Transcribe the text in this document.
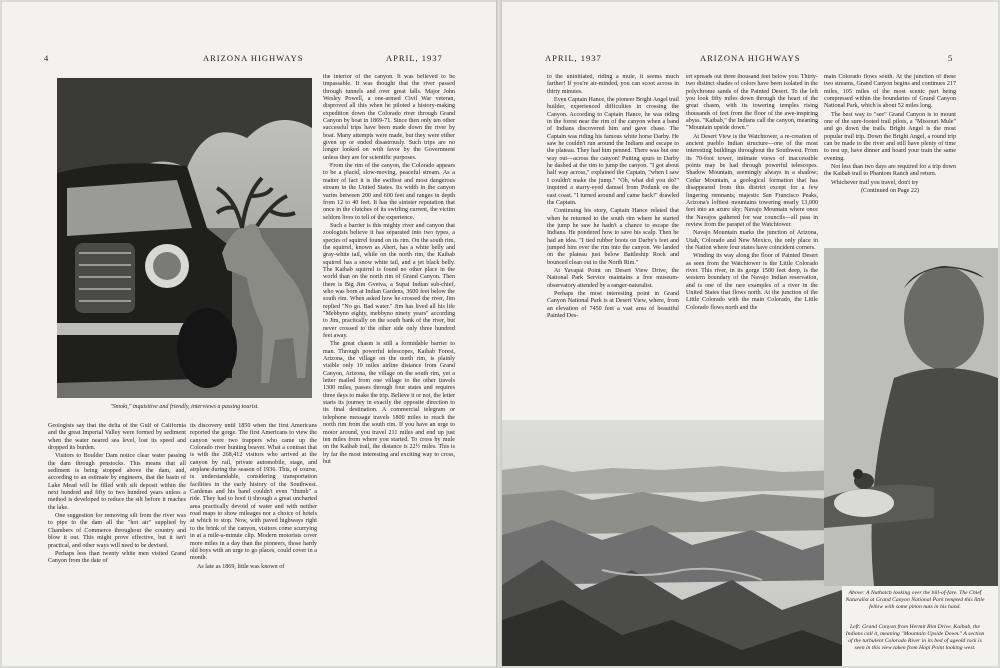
4	ARIZONA HIGHWAYS	APRIL, 1937
"Smoki," inquisitive and friendly, interviews a passing tourist.

Geologists say that the delta of the Gulf of California and the great Imperial Valley were formed by sediment when the water neared sea level, lost its speed and dropped its burden.

Visitors to Boulder Dam notice clear water passing the dam through penstocks. This means that all sediment is being stopped above the dam, and, according to an estimate by engineers, that the basin of Lake Mead will be filled with silt deposit within the next hundred and fifty to two hundred years unless a method is developed to reduce the silt before it reaches the lake.

One suggestion for removing silt from the river was to pipe to the dam all the "hot air" supplied by Chambers of Commerce throughout the country and blow it out. This might prove effective, but it isn't practical, and other ways will need to be devised.

Perhaps less than twenty white men visited Grand Canyon from the date of

its discovery until 1850 when the first Americans reported the gorge. The first Americans to view the canyon were two trappers who came up the Colorado river hunting beaver. What a contrast that is with the 268,412 visitors who arrived at the canyon by rail, private automobile, stage, and airplane during the season of 1936. This, of course, is understandable, considering transportation facilities in the early history of the Southwest. Cardenas and his band couldn't even "thumb" a ride. They had to hoof it through a great uncharted area practically devoid of water and with neither road maps to show mileages nor a choice of hotels at which to stop. Now, with paved highways right to the brink of the canyon, visitors come scurrying in at a mile-a-minute clip. Modern motorists cover more miles in a day than the pioneers, those hardy old boys with an urge to go places, could cover in a month.

As late as 1869, little was known of

the interior of the canyon. It was believed to be impassable. It was thought that the river passed through tunnels and over great falls. Major John Wesley Powell, a one-armed Civil War veteran, disproved all this when he piloted a history-making expedition down the Colorado river through Grand Canyon by boat in 1869-71. Since then only ten other successful trips have been made down the river by boat. Many attempts were made, but they were either given up or ended disastrously. Such trips are no longer looked on with favor by the Government unless they are for scientific purposes.

From the rim of the canyon, the Colorado appears to be a placid, slow-moving, peaceful stream. As a matter of fact it is the swiftest and most dangerous stream in the United States. Its width in the canyon varies between 200 and 600 feet and ranges in depth from 12 to 40 feet. It has the sinister reputation that once in the clutches of its swirling current, the victim seldom lives to tell of the experience.

Such a barrier is this mighty river and canyon that zoologists believe it has separated into two types, a species of squirrel found on its rim. On the south rim, the squirrel, known as Abert, has a white belly and gray-white tail, while on the north rim, the Kaibab squirrel has a snow white tail, and a jet black belly. The Kaibab squirrel is found no other place in the world than on the north rim of Grand Canyon. Then there is Big Jim Gvetva, a Supai Indian sub-chief, who was born at Indian Gardens, 3600 feet below the south rim. When asked how he crossed the river, Jim replied "No go. Bad water." Jim has lived all his life "Mebbyno eighty, mebbyno ninety years" according to Jim, practically on the south bank of the river, but never crossed to the other side only three hundred feet away.

The great chasm is still a formidable barrier to man. Through powerful telescopes, Kaibab Forest, Arizona, the village on the north rim, is plainly visible only 10 miles airline distance from Grand Canyon, Arizona, the village on the south rim, yet a letter mailed from one village to the other travels 1300 miles, passes through four states and requires three days to make the trip. Believe it or not, the letter starts its journey in exactly the opposite direction to its final destination. A commercial telegram or telephone message travels 1800 miles to reach the north rim from the south rim. If you have an urge to motor around, you travel 211 miles and end up just ten miles from where you started. To cross by mule on the Kaibab trail, the distance is 22½ miles. This is by far the most interesting and exciting way to cross, but

APRIL, 1937	ARIZONA HIGHWAYS	5

to the uninitiated, riding a mule, it seems much farther! If you're air-minded, you can scoot across in thirty minutes.

Even Captain Hance, the pioneer Bright Angel trail builder, experienced difficulties in crossing the Canyon. According to Captain Hance, he was riding in the forest near the rim of the canyon when a band of Indians discovered him and gave chase. The Captain was riding his famous white horse Darby. He saw he couldn't run around the Indians and escape to the plateau. They had him penned. There was but one way out—across the canyon! Putting spurs to Darby he dashed at the rim to jump the canyon. "I got about half way across," explained the Captain, "when I saw I couldn't make the jump." "Oh, what did you do?" inquired a starry-eyed damsel from Podunk on the east coast. "I turned around and came back!" drawled the Captain.

Continuing his story, Captain Hance related that when he returned to the south rim where he started the jump he saw he hadn't a chance to escape the Indians. He pondered how to save his scalp. Then he had an idea. "I tied rubber boots on Darby's feet and jumped him over the rim into the canyon. We landed on the plateau just below Battleship Rock and bounced clean out to the North Rim."

At Yavapai Point on Desert View Drive, the National Park Service maintains a free museum-observatory attended by a ranger-naturalist.

Perhaps the most interesting point in Grand Canyon National Park is at Desert View, where, from an elevation of 7450 feet a vast area of beautiful Painted Des-

ert spreads out three thousand feet below you. Thirty-two distinct shades of colors have been isolated in the polychrome sands of the Painted Desert. To the left you look fifty miles down through the heart of the great chasm, with its towering temples rising thousands of feet from the floor of the awe-inspiring abyss. "Kaibab," the Indians call the canyon, meaning "Mountain upside down."

At Desert View is the Watchtower, a re-creation of ancient pueblo Indian structure—one of the most interesting buildings throughout the Southwest. From its 70-foot tower, intimate views of inaccessible points may be had through powerful telescopes. Shadow Mountain, seemingly always in a shadow; Cedar Mountain, a geological formation that has disappeared from this district except for a few lingering remnants; majestic San Francisco Peaks, Arizona's loftiest mountains towering nearly 13,000 feet into an azure sky; Navajo Mountain where once the Navajos gathered for war councils—all pass in review from the parapet of the Watchtower.

Navajo Mountain marks the junction of Arizona, Utah, Colorado and New Mexico, the only place in the Nation where four states have coincident corners.

Winding its way along the floor of Painted Desert as seen from the Watchtower is the Little Colorado river. This river, in its gorge 1500 feet deep, is the western boundary of the Navajo Indian reservation, and is one of the rare examples of a river in the United States that flows north. At the junction of the Little Colorado with the main Colorado, the Little Colorado flows north and the

main Colorado flows south. At the junction of these two streams, Grand Canyon begins and continues 217 miles, 105 miles of the most scenic part being compressed within the boundaries of Grand Canyon National Park, which is about 52 miles long.

The best way to "see" Grand Canyon is to mount one of the sure-footed trail pilots, a "Missouri Mule" and go down the trails. Bright Angel is the most popular trail trip. Down the Bright Angel, a round trip can be made to the river and still have plenty of time to rest up, have dinner and board your train the same evening.

Not less than two days are required for a trip down the Kaibab trail to Phantom Ranch and return.

Whichever trail you travel, don't try

(Continued on Page 22)

Above: A Nuthatch looking over the bill-of-fare. The Chief Naturalist at Grand Canyon National Park tempted this little fellow with some pinon nuts in his hand.
Left: Grand Canyon from Hermit Rim Drive. Kaibab, the Indians call it, meaning "Mountain Upside Down." A section of the turbulent Colorado River in its bed of ageold rock is seen in this view taken from Hopi Point looking west.
